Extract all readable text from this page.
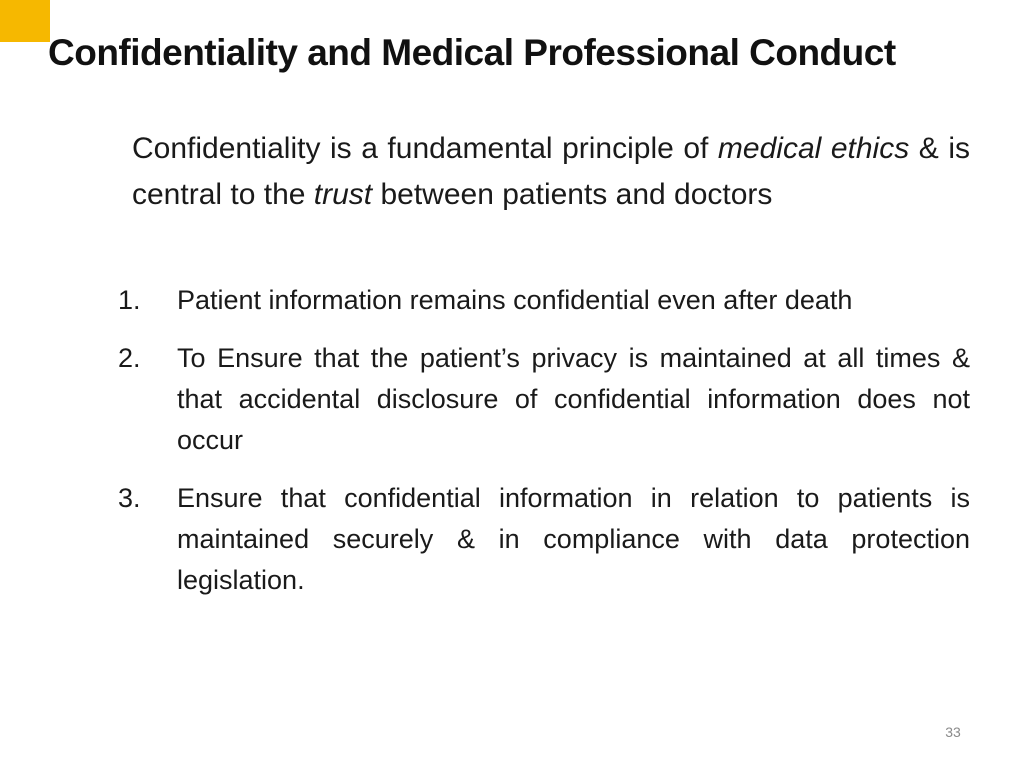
Confidentiality and Medical Professional Conduct

Confidentiality is a fundamental principle of medical ethics & is central to the trust between patients and doctors

1.	Patient information remains confidential even after death
2.	To Ensure that the patient’s privacy is maintained at all times & that accidental disclosure of confidential information does not occur
3.	Ensure that confidential information in relation to patients is maintained securely & in compliance with data protection legislation.
33
